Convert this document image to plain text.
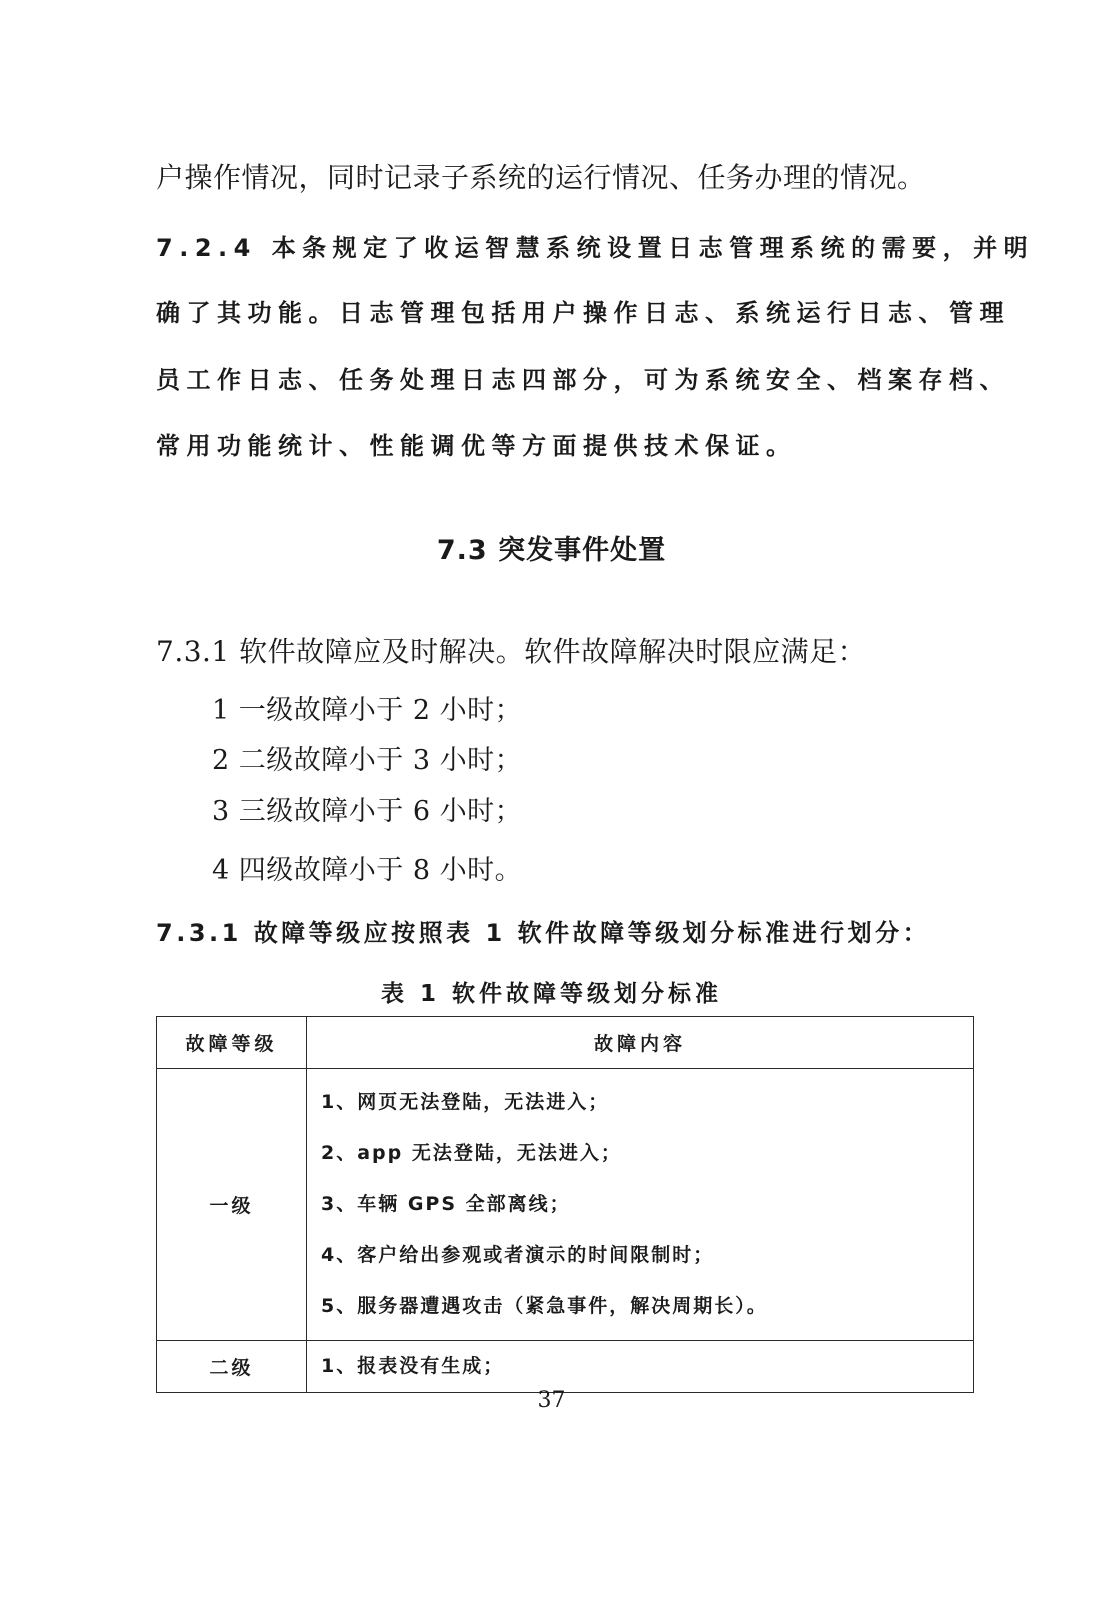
户操作情况，同时记录子系统的运行情况、任务办理的情况。
7.2.4 本条规定了收运智慧系统设置日志管理系统的需要，并明
确了其功能。日志管理包括用户操作日志、系统运行日志、管理
员工作日志、任务处理日志四部分，可为系统安全、档案存档、
常用功能统计、性能调优等方面提供技术保证。
7.3 突发事件处置
7.3.1 软件故障应及时解决。软件故障解决时限应满足：
1 一级故障小于 2 小时；
2 二级故障小于 3 小时；
3 三级故障小于 6 小时；
4 四级故障小于 8 小时。
7.3.1 故障等级应按照表 1 软件故障等级划分标准进行划分：
表 1 软件故障等级划分标准
故障等级	故障内容
一级	1、网页无法登陆，无法进入；
2、app 无法登陆，无法进入；
3、车辆 GPS 全部离线；
4、客户给出参观或者演示的时间限制时；
5、服务器遭遇攻击（紧急事件，解决周期长）。

二级	1、报表没有生成；
37
